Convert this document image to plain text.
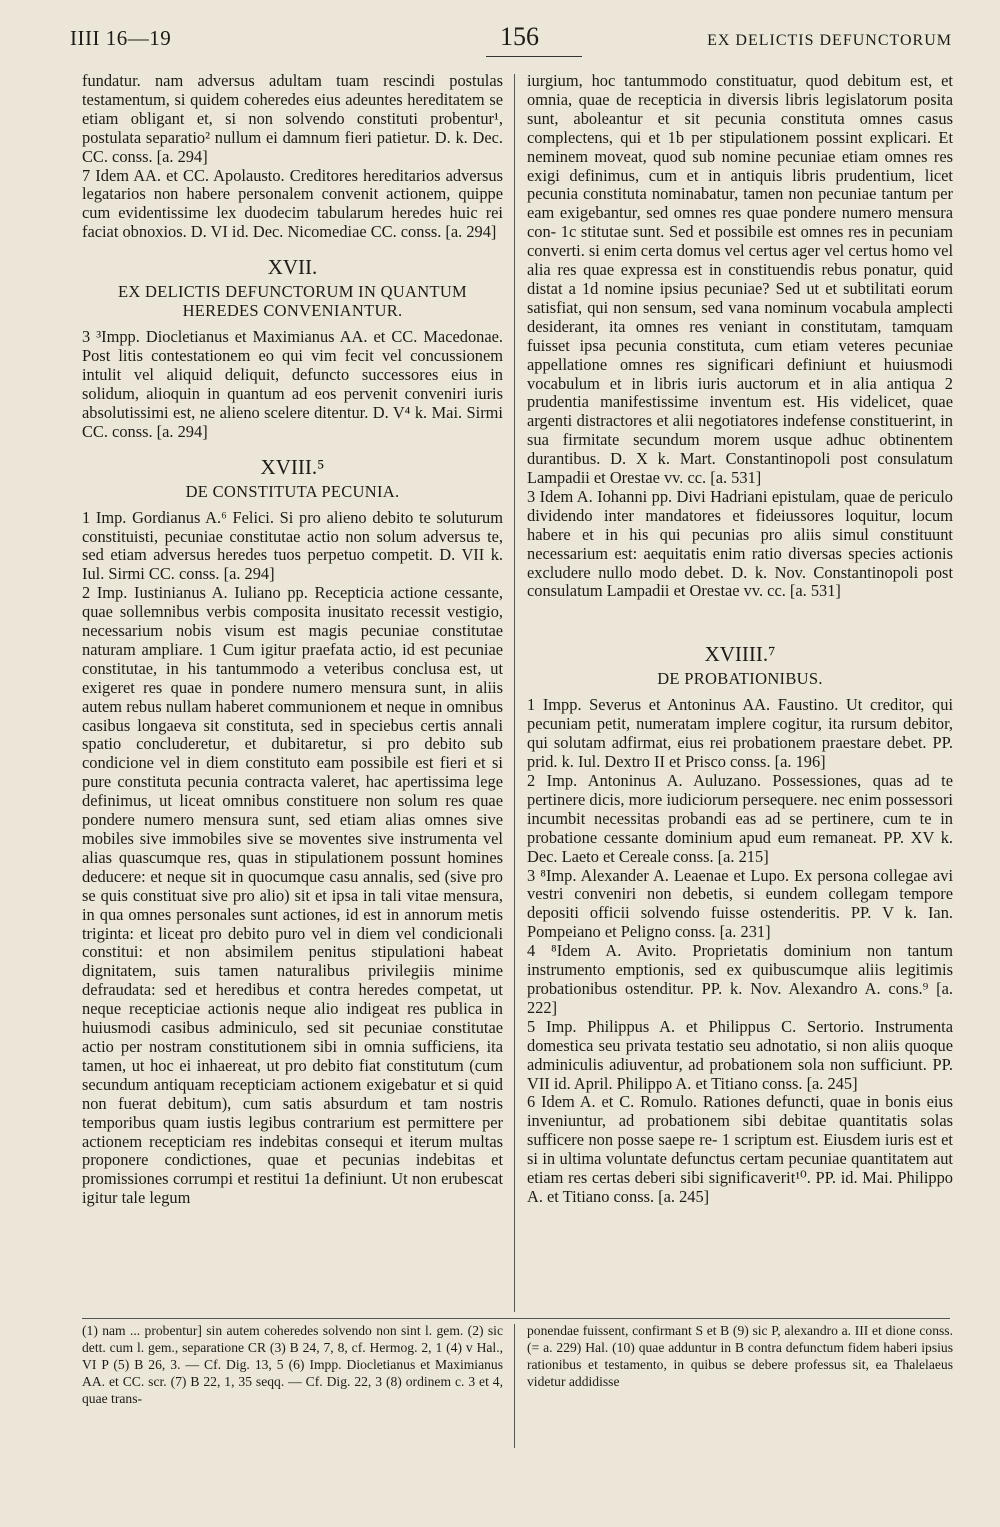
IIII 16—19	156	EX DELICTIS DEFUNCTORUM

fundatur. nam adversus adultam tuam rescindi postulas testamentum, si quidem coheredes eius adeuntes hereditatem se etiam obligant et, si non solvendo constituti probentur¹, postulata separatio² nullum ei damnum fieri patietur. D. k. Dec. CC. conss. [a. 294]

7 Idem AA. et CC. Apolausto. Creditores hereditarios adversus legatarios non habere personalem convenit actionem, quippe cum evidentissime lex duodecim tabularum heredes huic rei faciat obnoxios. D. VI id. Dec. Nicomediae CC. conss. [a. 294]

XVII.

EX DELICTIS DEFUNCTORUM IN QUANTUM HEREDES CONVENIANTUR.

3 ³Impp. Diocletianus et Maximianus AA. et CC. Macedonae. Post litis contestationem eo qui vim fecit vel concussionem intulit vel aliquid deliquit, defuncto successores eius in solidum, alioquin in quantum ad eos pervenit conveniri iuris absolutissimi est, ne alieno scelere ditentur. D. V⁴ k. Mai. Sirmi CC. conss. [a. 294]

XVIII.⁵

DE CONSTITUTA PECUNIA.

1 Imp. Gordianus A.⁶ Felici. Si pro alieno debito te soluturum constituisti, pecuniae constitutae actio non solum adversus te, sed etiam adversus heredes tuos perpetuo competit. D. VII k. Iul. Sirmi CC. conss. [a. 294]

2 Imp. Iustinianus A. Iuliano pp. Recepticia actione cessante, quae sollemnibus verbis composita inusitato recessit vestigio, necessarium nobis visum est magis pecuniae constitutae naturam ampliare. 1 Cum igitur praefata actio, id est pecuniae constitutae, in his tantummodo a veteribus conclusa est, ut exigeret res quae in pondere numero mensura sunt, in aliis autem rebus nullam haberet communionem et neque in omnibus casibus longaeva sit constituta, sed in speciebus certis annali spatio concluderetur, et dubitaretur, si pro debito sub condicione vel in diem constituto eam possibile est fieri et si pure constituta pecunia contracta valeret, hac apertissima lege definimus, ut liceat omnibus constituere non solum res quae pondere numero mensura sunt, sed etiam alias omnes sive mobiles sive immobiles sive se moventes sive instrumenta vel alias quascumque res, quas in stipulationem possunt homines deducere: et neque sit in quocumque casu annalis, sed (sive pro se quis constituat sive pro alio) sit et ipsa in tali vitae mensura, in qua omnes personales sunt actiones, id est in annorum metis triginta: et liceat pro debito puro vel in diem vel condicionali constitui: et non absimilem penitus stipulationi habeat dignitatem, suis tamen naturalibus privilegiis minime defraudata: sed et heredibus et contra heredes competat, ut neque recepticiae actionis neque alio indigeat res publica in huiusmodi casibus adminiculo, sed sit pecuniae constitutae actio per nostram constitutionem sibi in omnia sufficiens, ita tamen, ut hoc ei inhaereat, ut pro debito fiat constitutum (cum secundum antiquam recepticiam actionem exigebatur et si quid non fuerat debitum), cum satis absurdum et tam nostris temporibus quam iustis legibus contrarium est permittere per actionem recepticiam res indebitas consequi et iterum multas proponere condictiones, quae et pecunias indebitas et promissiones corrumpi et restitui 1a definiunt. Ut non erubescat igitur tale legum

iurgium, hoc tantummodo constituatur, quod debitum est, et omnia, quae de recepticia in diversis libris legislatorum posita sunt, aboleantur et sit pecunia constituta omnes casus complectens, qui et 1b per stipulationem possint explicari. Et neminem moveat, quod sub nomine pecuniae etiam omnes res exigi definimus, cum et in antiquis libris prudentium, licet pecunia constituta nominabatur, tamen non pecuniae tantum per eam exigebantur, sed omnes res quae pondere numero mensura con- 1c stitutae sunt. Sed et possibile est omnes res in pecuniam converti. si enim certa domus vel certus ager vel certus homo vel alia res quae expressa est in constituendis rebus ponatur, quid distat a 1d nomine ipsius pecuniae? Sed ut et subtilitati eorum satisfiat, qui non sensum, sed vana nominum vocabula amplecti desiderant, ita omnes res veniant in constitutam, tamquam fuisset ipsa pecunia constituta, cum etiam veteres pecuniae appellatione omnes res significari definiunt et huiusmodi vocabulum et in libris iuris auctorum et in alia antiqua 2 prudentia manifestissime inventum est. His videlicet, quae argenti distractores et alii negotiatores indefense constituerint, in sua firmitate secundum morem usque adhuc obtinentem durantibus. D. X k. Mart. Constantinopoli post consulatum Lampadii et Orestae vv. cc. [a. 531]

3 Idem A. Iohanni pp. Divi Hadriani epistulam, quae de periculo dividendo inter mandatores et fideiussores loquitur, locum habere et in his qui pecunias pro aliis simul constituunt necessarium est: aequitatis enim ratio diversas species actionis excludere nullo modo debet. D. k. Nov. Constantinopoli post consulatum Lampadii et Orestae vv. cc. [a. 531]

XVIIII.⁷

DE PROBATIONIBUS.

1 Impp. Severus et Antoninus AA. Faustino. Ut creditor, qui pecuniam petit, numeratam implere cogitur, ita rursum debitor, qui solutam adfirmat, eius rei probationem praestare debet. PP. prid. k. Iul. Dextro II et Prisco conss. [a. 196]

2 Imp. Antoninus A. Auluzano. Possessiones, quas ad te pertinere dicis, more iudiciorum persequere. nec enim possessori incumbit necessitas probandi eas ad se pertinere, cum te in probatione cessante dominium apud eum remaneat. PP. XV k. Dec. Laeto et Cereale conss. [a. 215]

3 ⁸Imp. Alexander A. Leaenae et Lupo. Ex persona collegae avi vestri conveniri non debetis, si eundem collegam tempore depositi officii solvendo fuisse ostenderitis. PP. V k. Ian. Pompeiano et Peligno conss. [a. 231]

4 ⁸Idem A. Avito. Proprietatis dominium non tantum instrumento emptionis, sed ex quibuscumque aliis legitimis probationibus ostenditur. PP. k. Nov. Alexandro A. cons.⁹ [a. 222]

5 Imp. Philippus A. et Philippus C. Sertorio. Instrumenta domestica seu privata testatio seu adnotatio, si non aliis quoque adminiculis adiuventur, ad probationem sola non sufficiunt. PP. VII id. April. Philippo A. et Titiano conss. [a. 245]

6 Idem A. et C. Romulo. Rationes defuncti, quae in bonis eius inveniuntur, ad probationem sibi debitae quantitatis solas sufficere non posse saepe re- 1 scriptum est. Eiusdem iuris est et si in ultima voluntate defunctus certam pecuniae quantitatem aut etiam res certas deberi sibi significaverit¹⁰. PP. id. Mai. Philippo A. et Titiano conss. [a. 245]

(1) nam ... probentur] sin autem coheredes solvendo non sint l. gem. (2) sic dett. cum l. gem., separatione CR (3) B 24, 7, 8, cf. Hermog. 2, 1 (4) v Hal., VI P (5) B 26, 3. — Cf. Dig. 13, 5 (6) Impp. Diocletianus et Maximianus AA. et CC. scr. (7) B 22, 1, 35 seqq. — Cf. Dig. 22, 3 (8) ordinem c. 3 et 4, quae trans-

ponendae fuissent, confirmant S et B (9) sic P, alexandro a. III et dione conss. (= a. 229) Hal. (10) quae adduntur in B contra defunctum fidem haberi ipsius rationibus et testamento, in quibus se debere professus sit, ea Thalelaeus videtur addidisse
